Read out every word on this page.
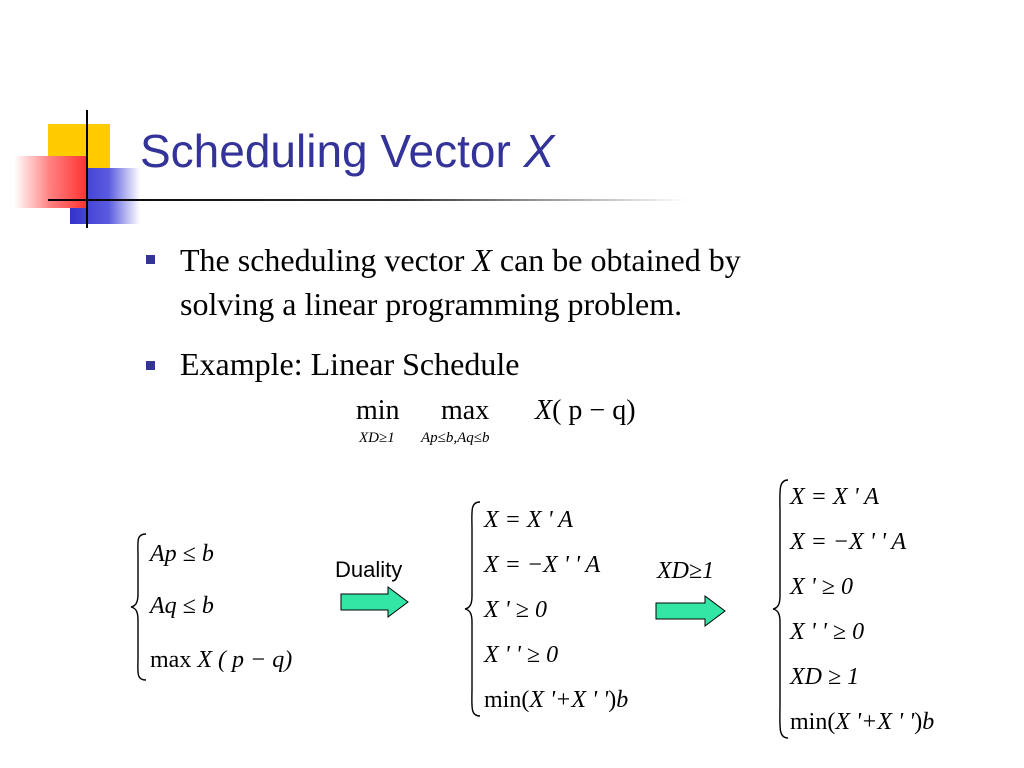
Scheduling Vector X
The scheduling vector X can be obtained by
solving a linear programming problem.
Example: Linear Schedule
min max
XD≥1 Ap≤b,Aq≤b
X( p − q)
Ap ≤ b
Aq ≤ b
max X ( p − q)
Duality
X = X ' A
X = −X ' ' A
X ' ≥ 0
X ' ' ≥ 0
min(X '+X ' ')b
XD≥1
X = X ' A
X = −X ' ' A
X ' ≥ 0
X ' ' ≥ 0
XD ≥ 1
min(X '+X ' ')b
